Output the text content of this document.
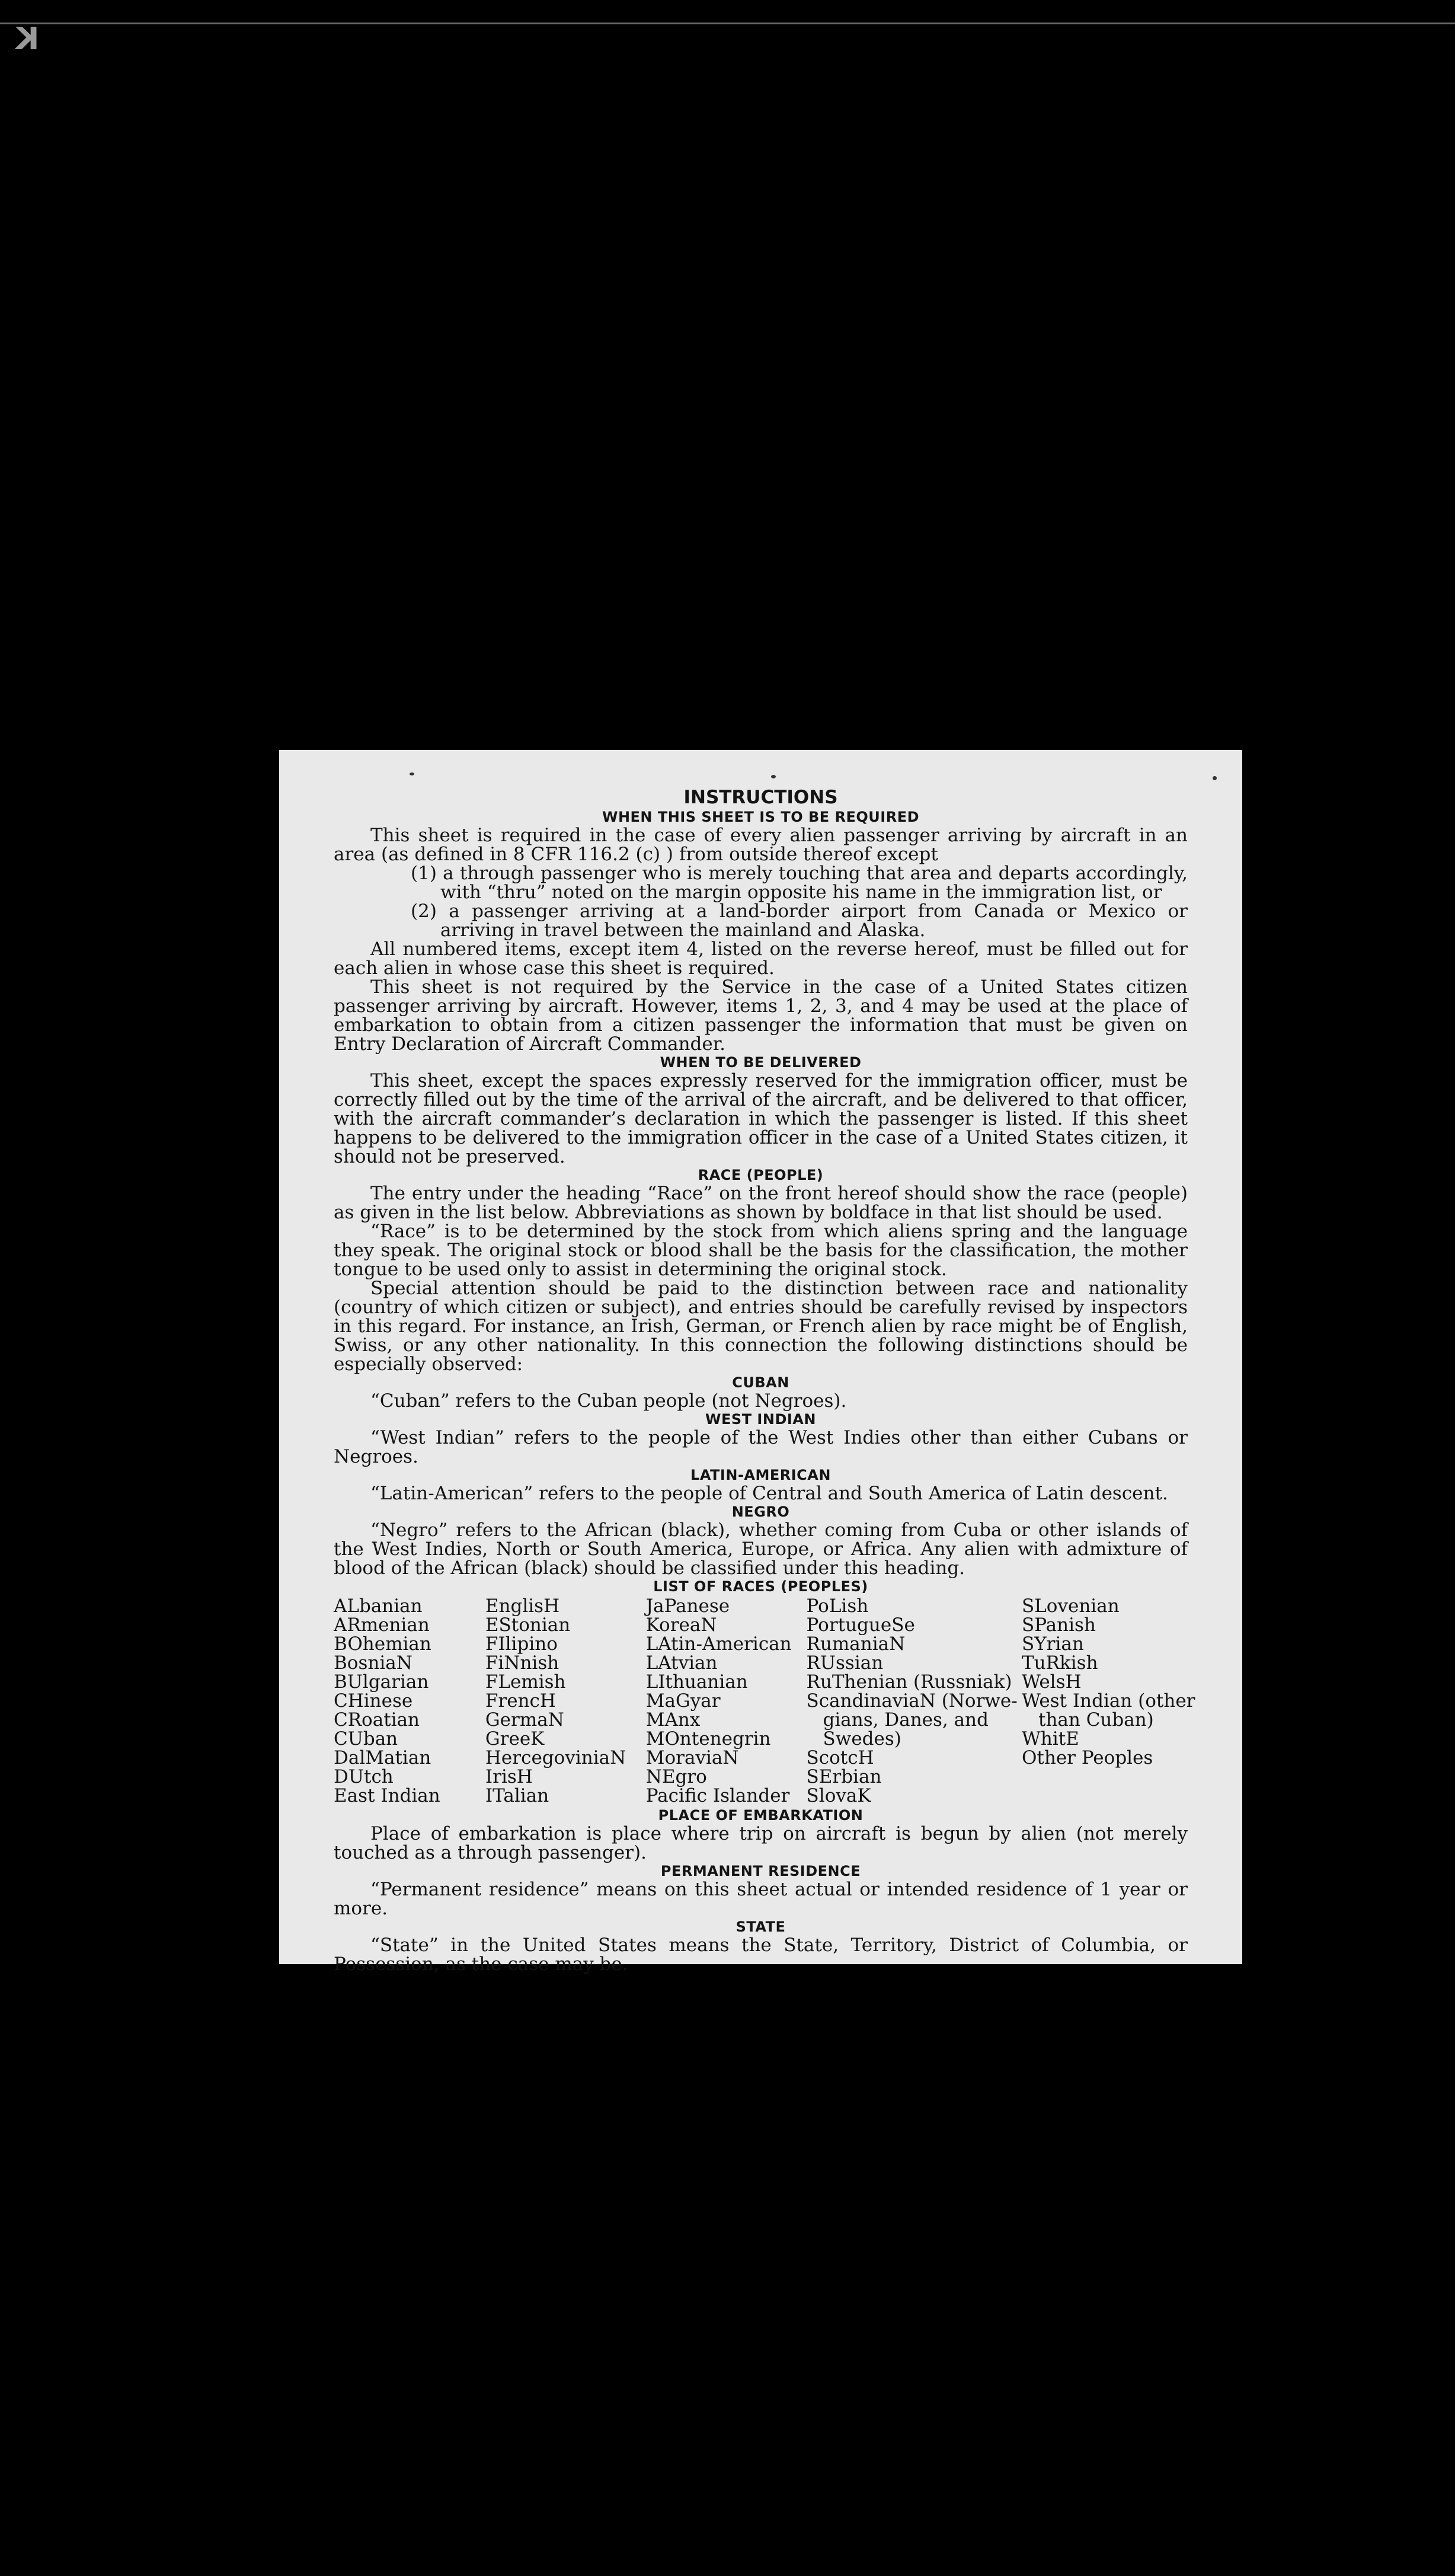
K
INSTRUCTIONS
WHEN THIS SHEET IS TO BE REQUIRED

This sheet is required in the case of every alien passenger arriving by aircraft in an area (as defined in 8 CFR 116.2 (c) ) from outside thereof except

(1) a through passenger who is merely touching that area and departs accordingly, with “thru” noted on the margin opposite his name in the immigration list, or
(2) a passenger arriving at a land-border airport from Canada or Mexico or arriving in travel between the mainland and Alaska.

All numbered items, except item 4, listed on the reverse hereof, must be filled out for each alien in whose case this sheet is required.

This sheet is not required by the Service in the case of a United States citizen passenger arriving by aircraft. However, items 1, 2, 3, and 4 may be used at the place of embarkation to obtain from a citizen passenger the information that must be given on Entry Declaration of Aircraft Commander.

WHEN TO BE DELIVERED

This sheet, except the spaces expressly reserved for the immigration officer, must be correctly filled out by the time of the arrival of the aircraft, and be delivered to that officer, with the aircraft commander’s declaration in which the passenger is listed. If this sheet happens to be delivered to the immigration officer in the case of a United States citizen, it should not be preserved.

RACE (PEOPLE)

The entry under the heading “Race” on the front hereof should show the race (people) as given in the list below. Abbreviations as shown by boldface in that list should be used.

“Race” is to be determined by the stock from which aliens spring and the language they speak. The original stock or blood shall be the basis for the classification, the mother tongue to be used only to assist in determining the original stock.

Special attention should be paid to the distinction between race and nationality (country of which citizen or subject), and entries should be carefully revised by inspectors in this regard. For instance, an Irish, German, or French alien by race might be of English, Swiss, or any other nationality. In this connection the following distinctions should be especially observed:

CUBAN

“Cuban” refers to the Cuban people (not Negroes).

WEST INDIAN

“West Indian” refers to the people of the West Indies other than either Cubans or Negroes.

LATIN-AMERICAN

“Latin-American” refers to the people of Central and South America of Latin descent.

NEGRO

“Negro” refers to the African (black), whether coming from Cuba or other islands of the West Indies, North or South America, Europe, or Africa. Any alien with admixture of blood of the African (black) should be classified under this heading.

LIST OF RACES (PEOPLES)
ALbanian
ARmenian
BOhemian
BosniaN
BUlgarian
CHinese
CRoatian
CUban
DalMatian
DUtch
East Indian
EnglisH
EStonian
FIlipino
FiNnish
FLemish
FrencH
GermaN
GreeK
HercegoviniaN
IrisH
ITalian
JaPanese
KoreaN
LAtin-American
LAtvian
LIthuanian
MaGyar
MAnx
MOntenegrin
MoraviaN
NEgro
Pacific Islander
PoLish
PortugueSe
RumaniaN
RUssian
RuThenian (Russniak)
ScandinaviaN (Norwe-
gians, Danes, and
Swedes)
ScotcH
SErbian
SlovaK
SLovenian
SPanish
SYrian
TuRkish
WelsH
West Indian (other
than Cuban)
WhitE
Other Peoples
PLACE OF EMBARKATION

Place of embarkation is place where trip on aircraft is begun by alien (not merely touched as a through passenger).

PERMANENT RESIDENCE

“Permanent residence” means on this sheet actual or intended residence of 1 year or more.

STATE

“State” in the United States means the State, Territory, District of Columbia, or Possession, as the case may be.
